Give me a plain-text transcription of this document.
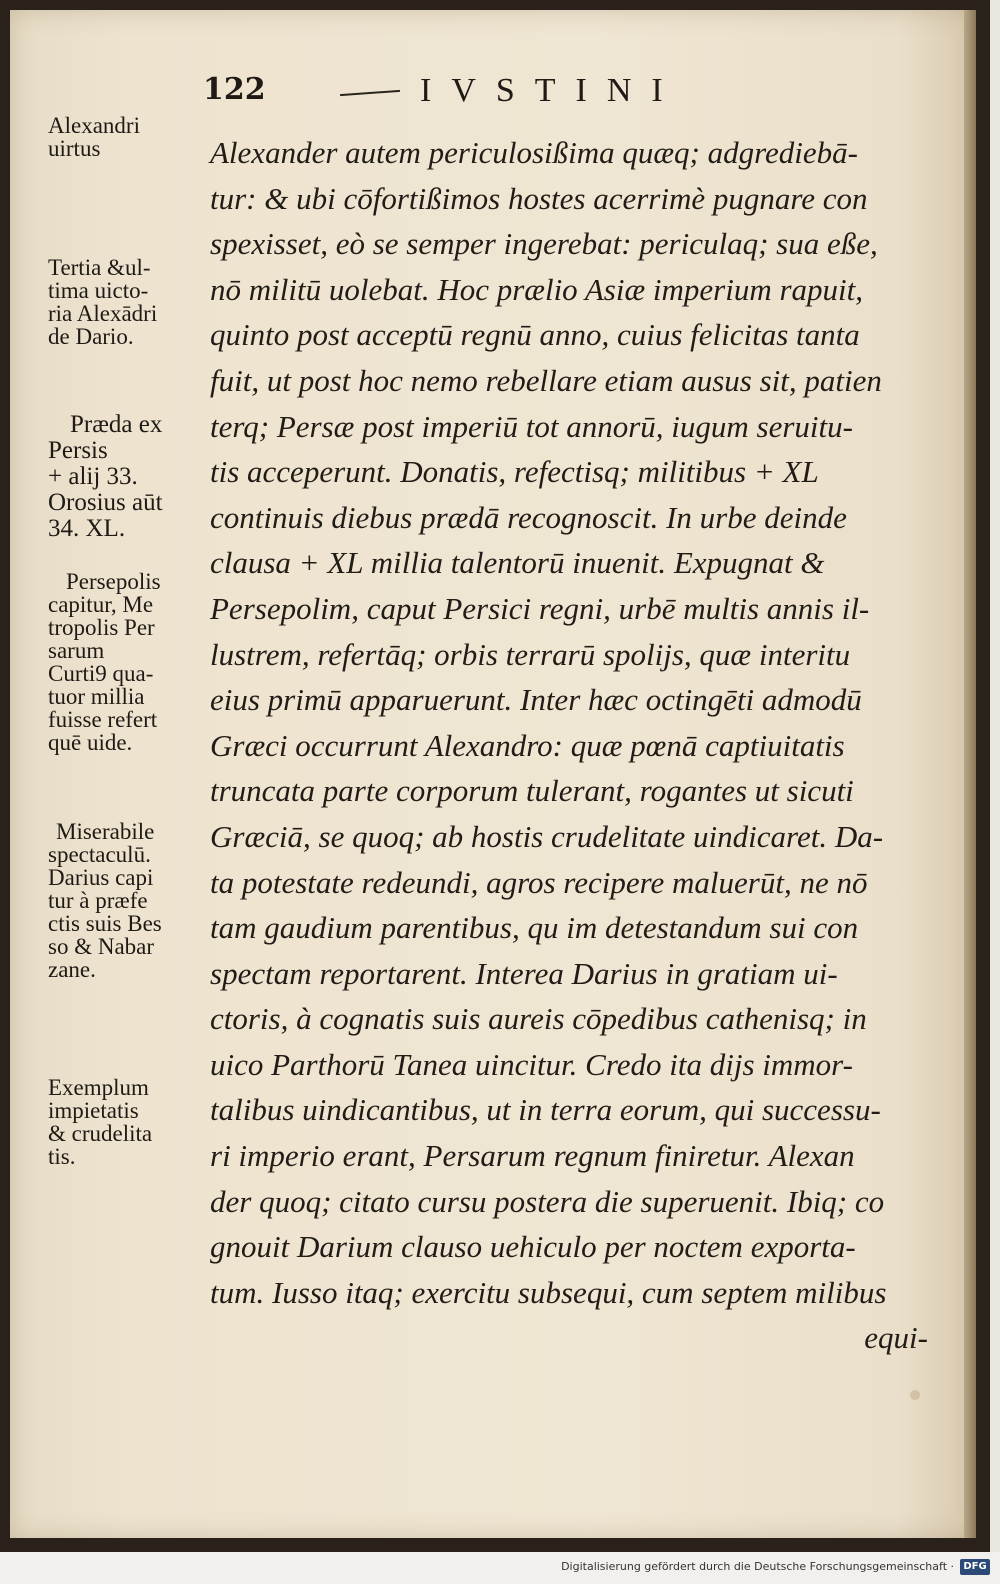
122	IVSTINI
Alexandri
uirtus
Tertia &ul-
tima uicto-
ria Alexādri
de Dario.
Præda ex
Persis
+ alij 33.
Orosius aūt
34. XL.
Persepolis
capitur, Me
tropolis Per
sarum
Curti9 qua-
tuor millia
fuisse refert
quē uide.
Miserabile
spectaculū.
Darius capi
tur à præfe
ctis suis Bes
so & Nabar
zane.
Exemplum
impietatis
& crudelita
tis.
Alexander autem periculosißima quæq; adgrediebā-
tur: & ubi cōfortißimos hostes acerrimè pugnare con
spexisset, eò se semper ingerebat: periculaq; sua eße,
nō militū uolebat. Hoc prælio Asiæ imperium rapuit,
quinto post acceptū regnū anno, cuius felicitas tanta
fuit, ut post hoc nemo rebellare etiam ausus sit, patien
terq; Persæ post imperiū tot annorū, iugum seruitu-
tis acceperunt. Donatis, refectisq; militibus + XL
continuis diebus prædā recognoscit. In urbe deinde
clausa + XL millia talentorū inuenit. Expugnat &
Persepolim, caput Persici regni, urbē multis annis il-
lustrem, refertāq; orbis terrarū spolijs, quæ interitu
eius primū apparuerunt. Inter hæc octingēti admodū
Græci occurrunt Alexandro: quæ pœnā captiuitatis
truncata parte corporum tulerant, rogantes ut sicuti
Græciā, se quoq; ab hostis crudelitate uindicaret. Da-
ta potestate redeundi, agros recipere maluerūt, ne nō
tam gaudium parentibus, qu im detestandum sui con
spectam reportarent. Interea Darius in gratiam ui-
ctoris, à cognatis suis aureis cōpedibus cathenisq; in
uico Parthorū Tanea uincitur. Credo ita dijs immor-
talibus uindicantibus, ut in terra eorum, qui successu-
ri imperio erant, Persarum regnum finiretur. Alexan
der quoq; citato cursu postera die superuenit. Ibiq; co
gnouit Darium clauso uehiculo per noctem exporta-
tum. Iusso itaq; exercitu subsequi, cum septem milibus
equi-
Digitalisierung gefördert durch die Deutsche Forschungsgemeinschaft · DFG
